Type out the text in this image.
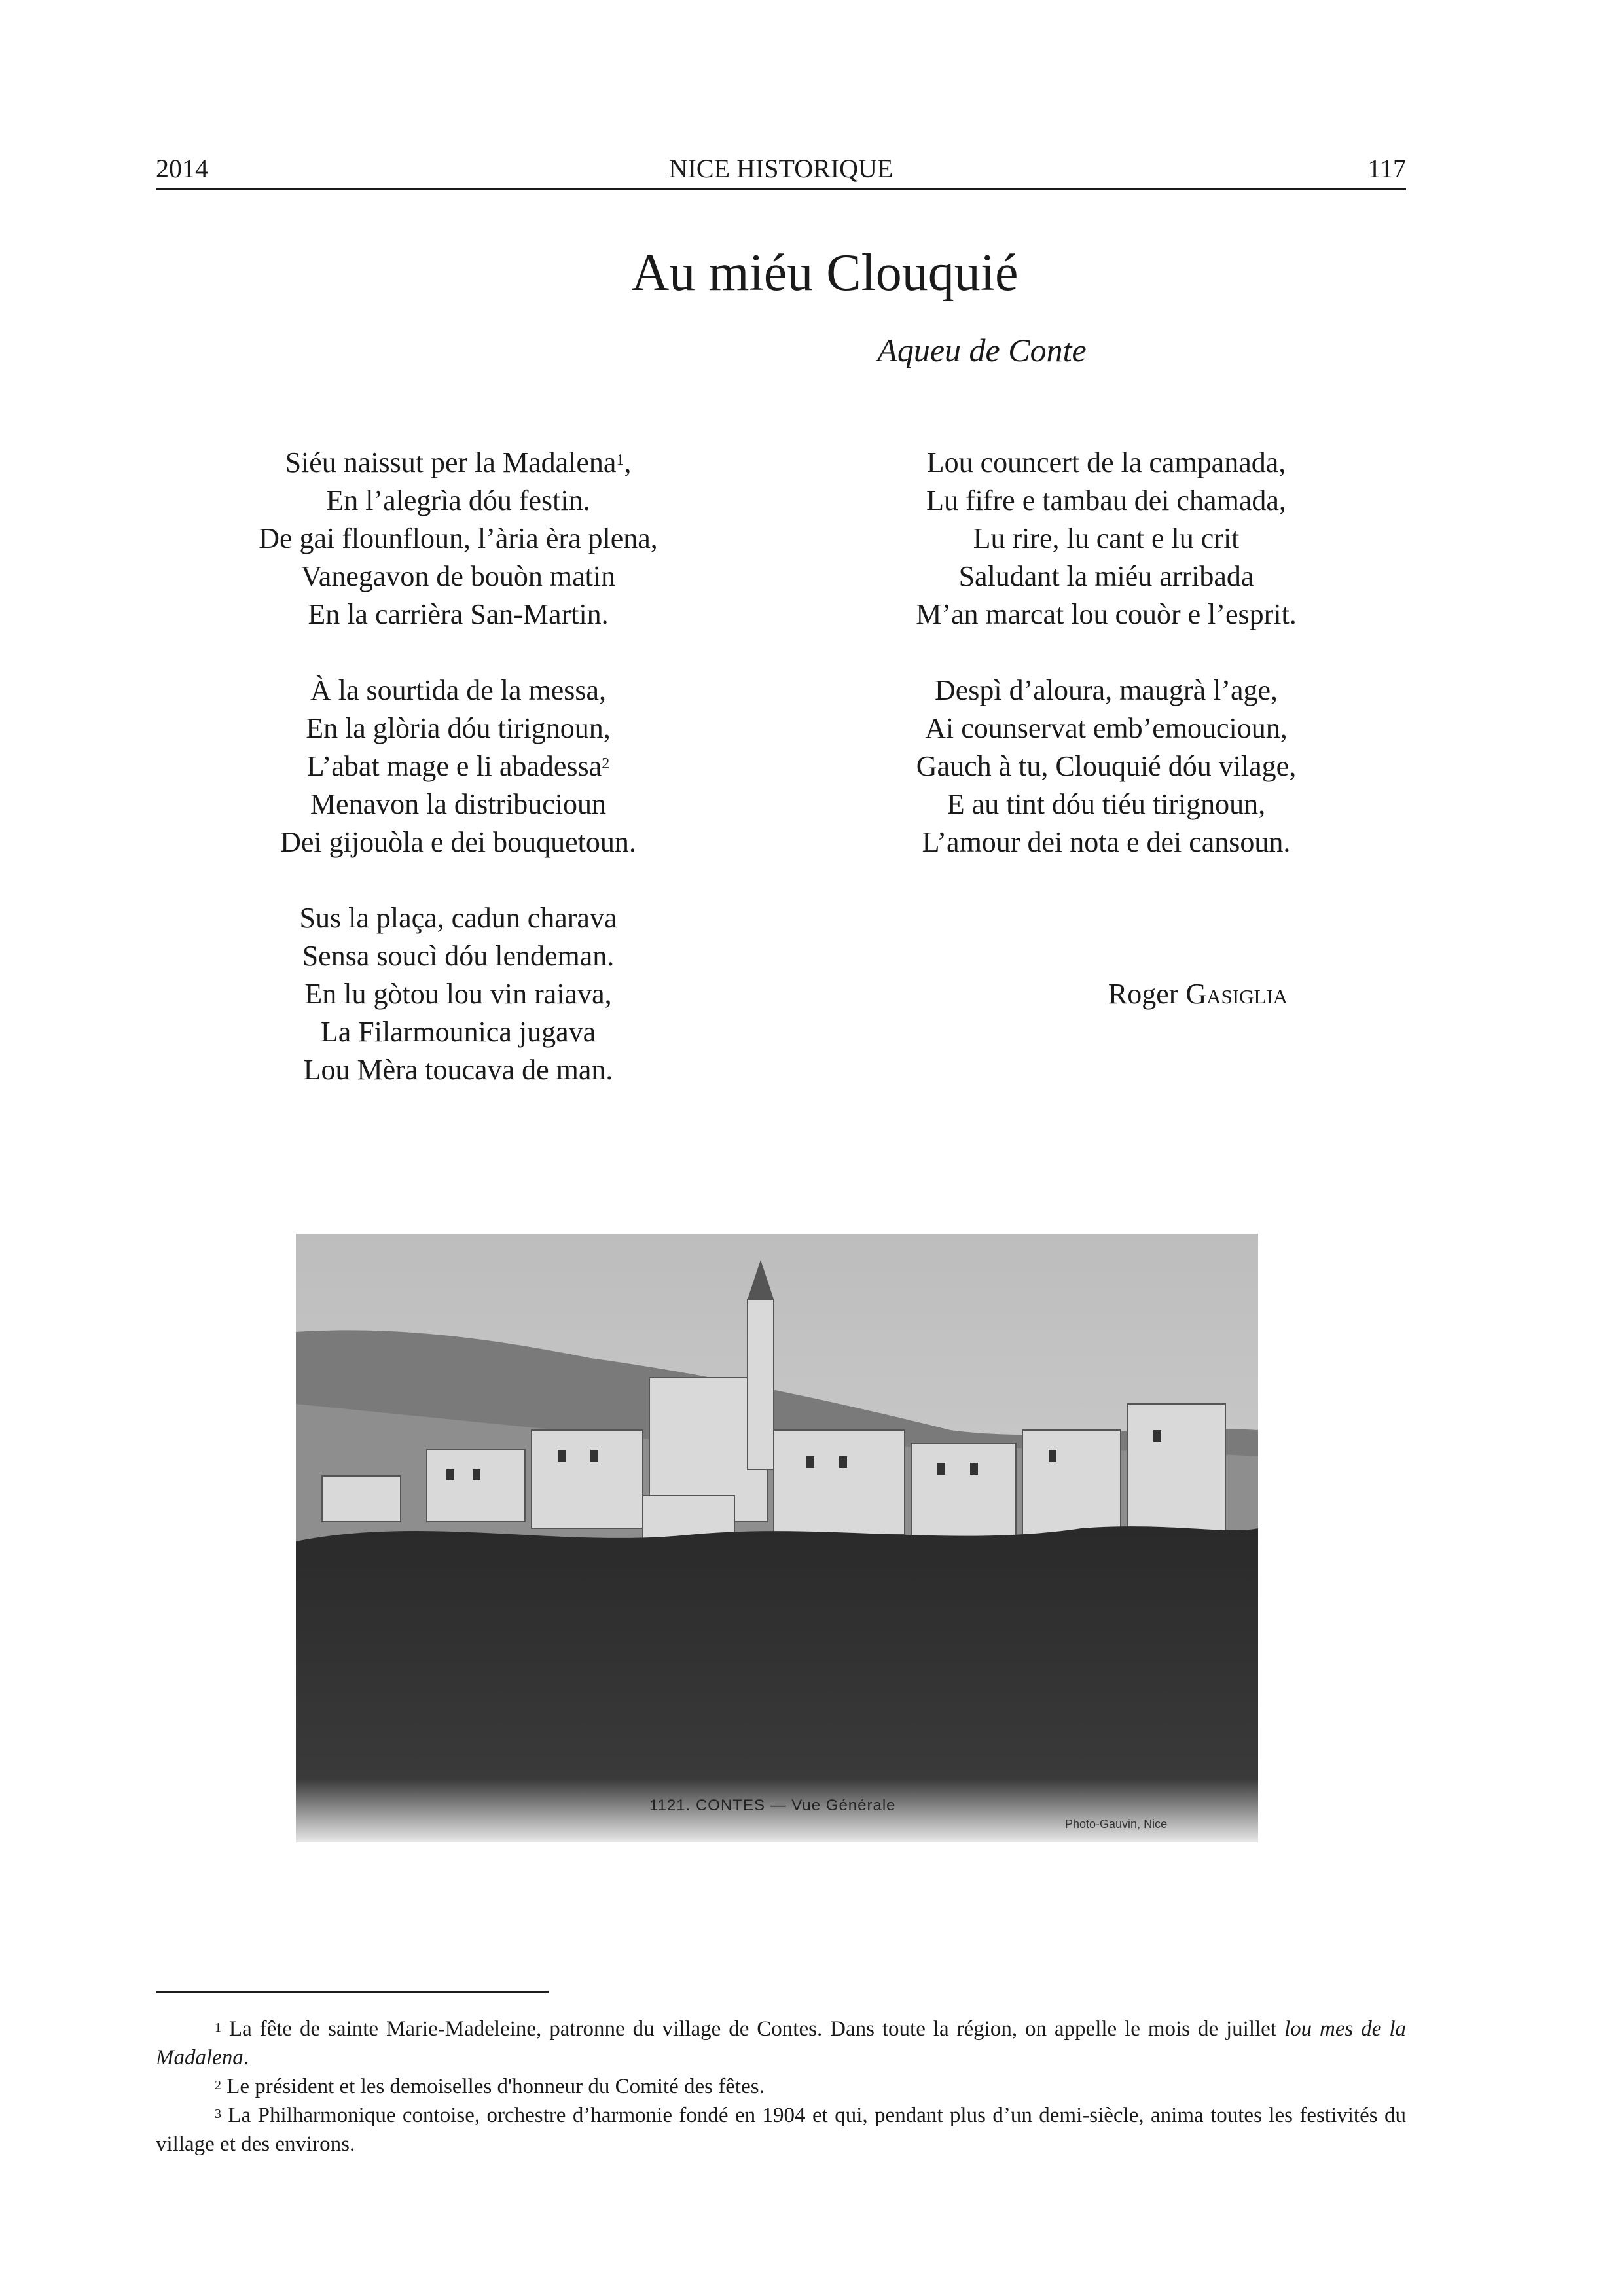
2014	NICE HISTORIQUE	117
Au miéu Clouquié
Aqueu de Conte
Siéu naissut per la Madalena$^1$,
En l’alegrìa dóu festin.
De gai flounfloun, l’ària èra plena,
Vanegavon de bouòn matin
En la carrièra San-Martin.
À la sourtida de la messa,
En la glòria dóu tirignoun,
L’abat mage e li abadessa$^2$
Menavon la distribucioun
Dei gijouòla e dei bouquetoun.
Sus la plaça, cadun charava
Sensa soucì dóu lendeman.
En lu gòtou lou vin raiava,
La Filarmounica jugava
Lou Mèra toucava de man.
Lou councert de la campanada,
Lu fifre e tambau dei chamada,
Lu rire, lu cant e lu crit
Saludant la miéu arribada
M’an marcat lou couòr e l’esprit.
Despì d’aloura, maugrà l’age,
Ai counservat emb’emoucioun,
Gauch à tu, Clouquié dóu vilage,
E au tint dóu tiéu tirignoun,
L’amour dei nota e dei cansoun.
Roger Gasiglia
1121. CONTES — Vue Générale
Photo-Gauvin, Nice

$^1$ La fête de sainte Marie-Madeleine, patronne du village de Contes. Dans toute la région, on appelle le mois de juillet lou mes de la Madalena.

$^2$ Le président et les demoiselles d'honneur du Comité des fêtes.

$^3$ La Philharmonique contoise, orchestre d’harmonie fondé en 1904 et qui, pendant plus d’un demi-siècle, anima toutes les festivités du village et des environs.
